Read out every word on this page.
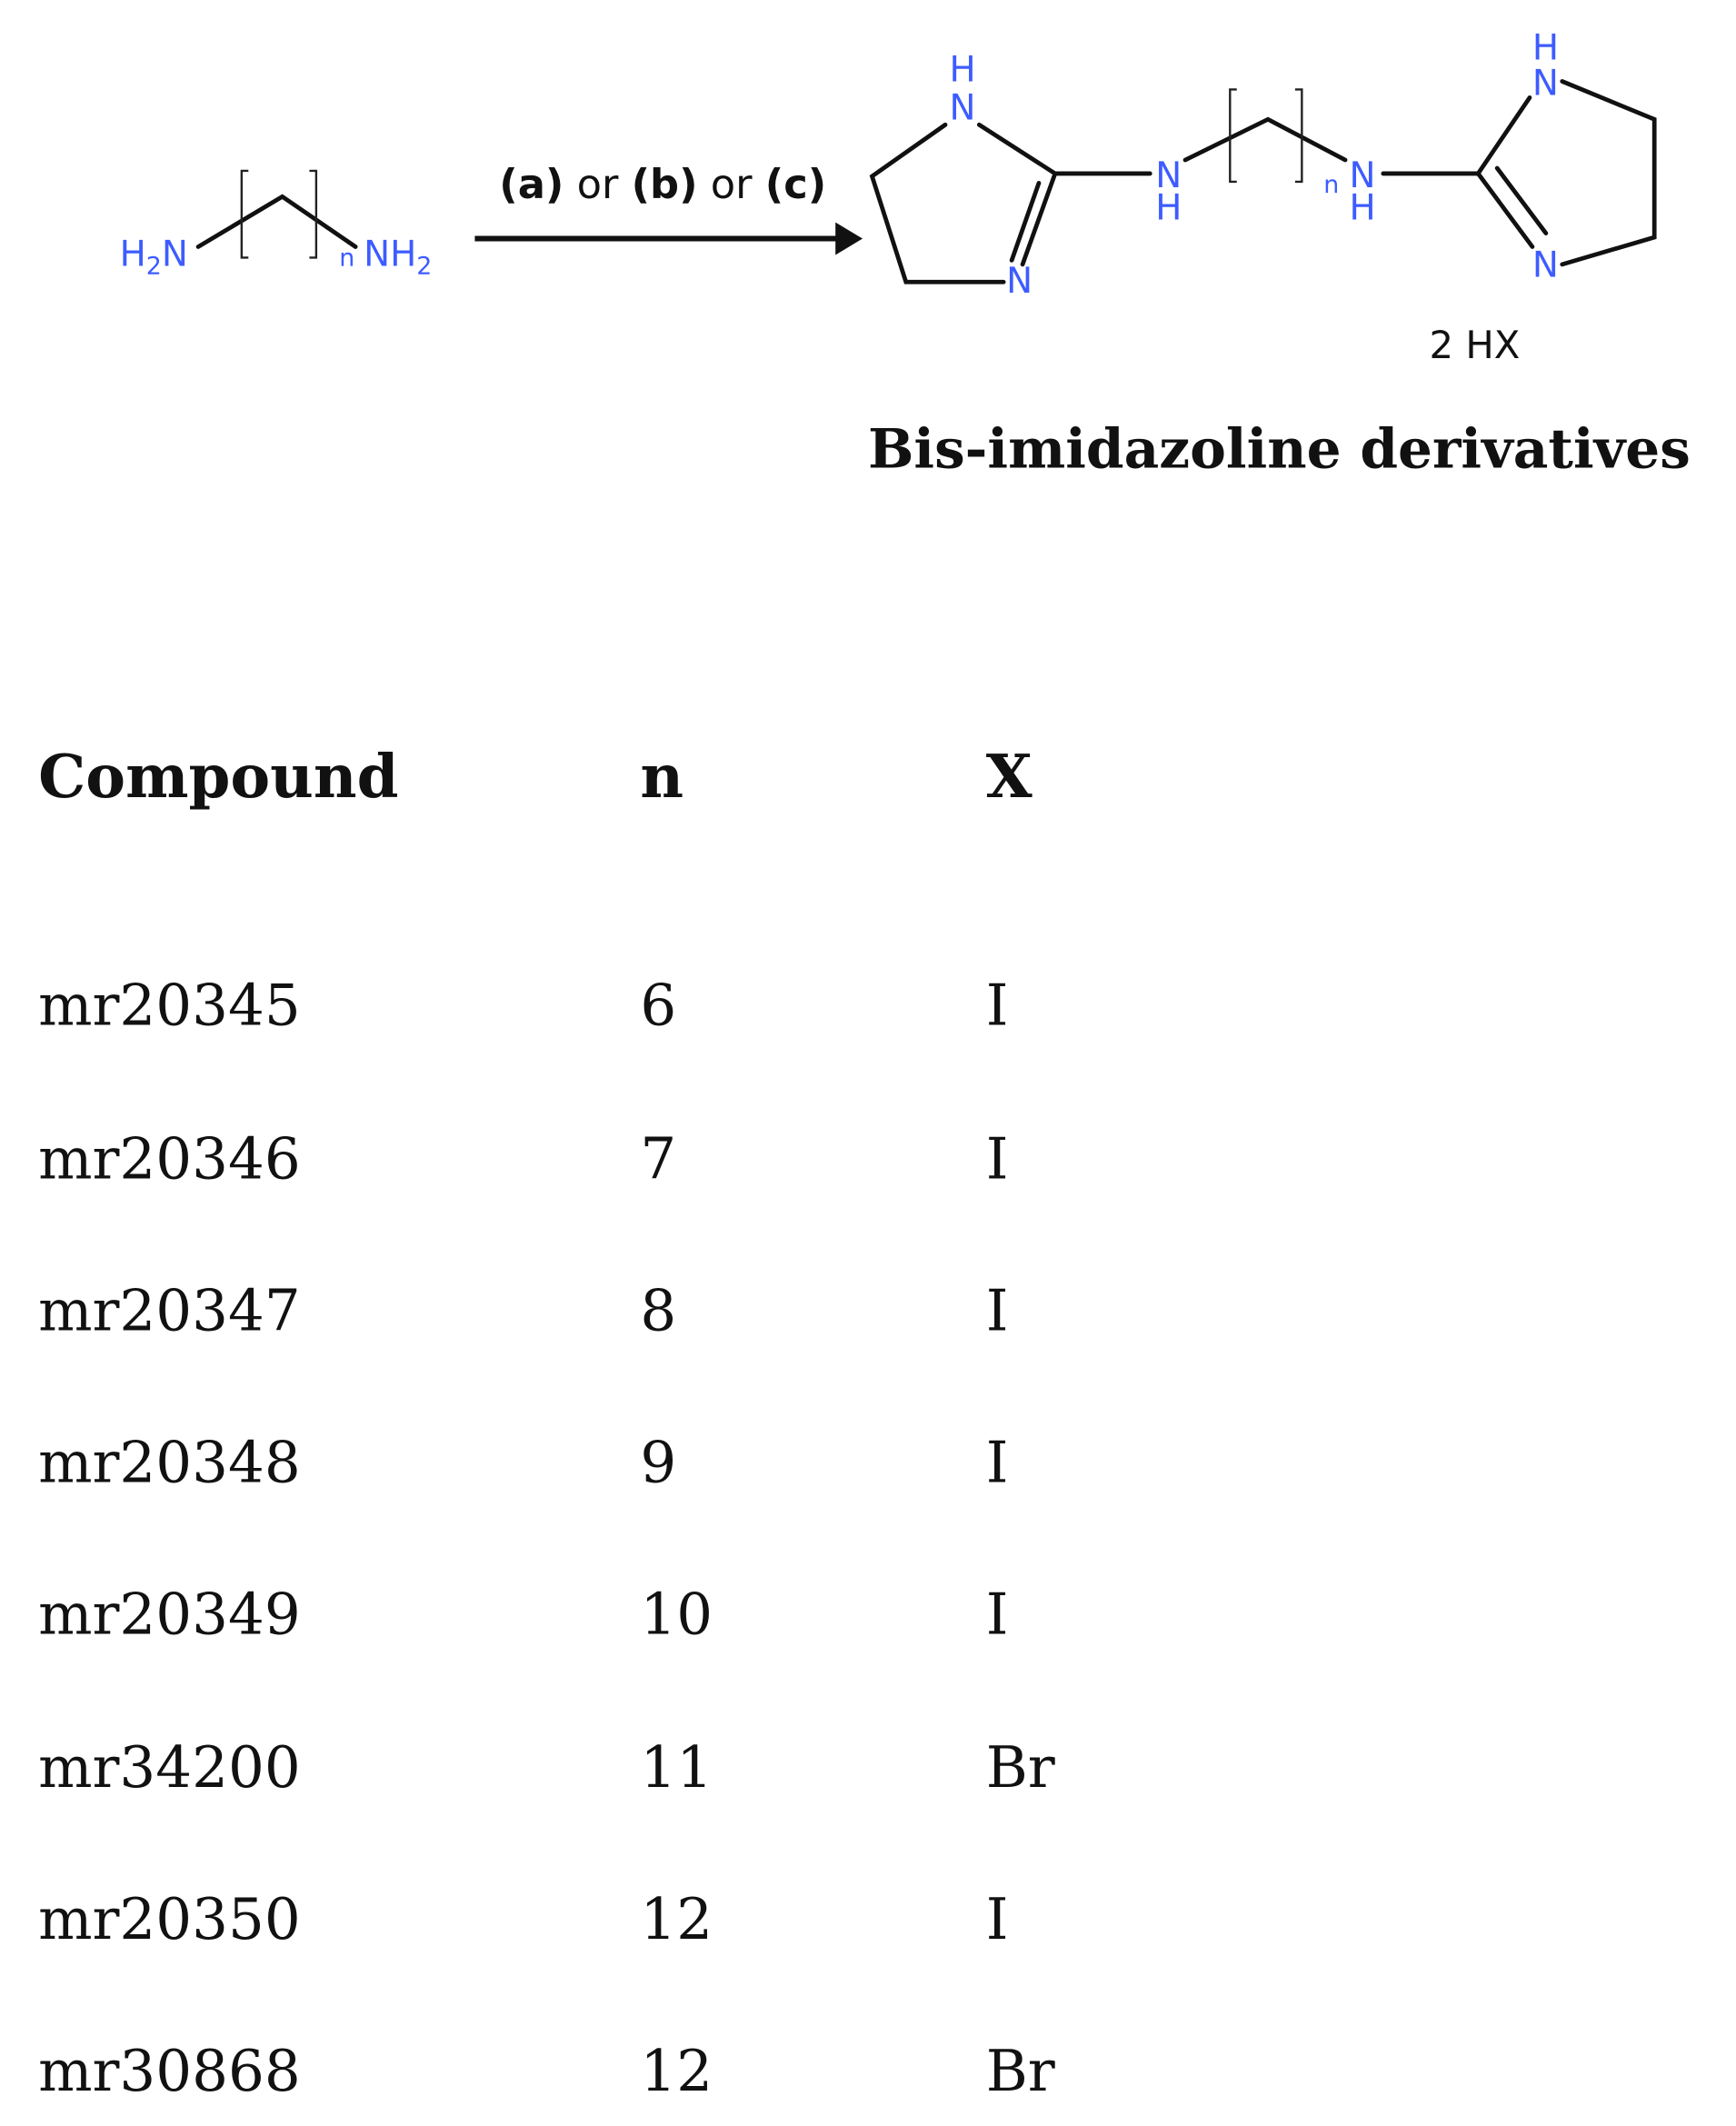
$H_2N$	n $NH_2$
(a) or (b) or (c)
H
N
N
N
H
n N
H
H
N
N
2 HX
Bis-imidazoline derivatives
Compound	n	X
mr20345	6	I
mr20346	7	I
mr20347	8	I
mr20348	9	I
mr20349	10	I
mr34200	11	Br
mr20350	12	I
mr30868	12	Br
